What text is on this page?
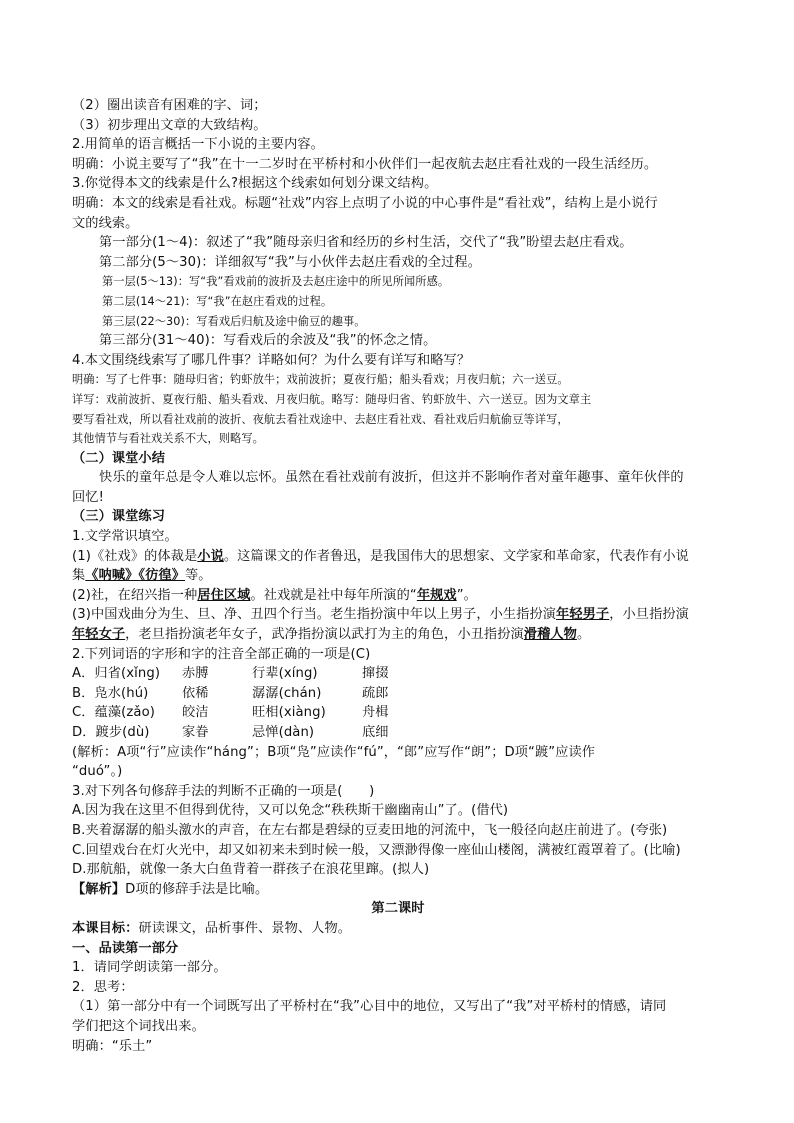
（2）圈出读音有困难的字、词；
（3）初步理出文章的大致结构。
2.用简单的语言概括一下小说的主要内容。
明确：小说主要写了“我”在十一二岁时在平桥村和小伙伴们一起夜航去赵庄看社戏的一段生活经历。
3.你觉得本文的线索是什么?根据这个线索如何划分课文结构。
明确：本文的线索是看社戏。标题“社戏”内容上点明了小说的中心事件是“看社戏”，结构上是小说行
文的线索。
第一部分(1～4)：叙述了“我”随母亲归省和经历的乡村生活，交代了“我”盼望去赵庄看戏。
第二部分(5～30)：详细叙写“我”与小伙伴去赵庄看戏的全过程。
第一层(5～13)：写“我”看戏前的波折及去赵庄途中的所见所闻所感。
第二层(14～21)：写“我”在赵庄看戏的过程。
第三层(22～30)：写看戏后归航及途中偷豆的趣事。
第三部分(31～40)：写看戏后的余波及“我”的怀念之情。
4.本文围绕线索写了哪几件事？详略如何？为什么要有详写和略写？
明确：写了七件事：随母归省；钓虾放牛；戏前波折；夏夜行船；船头看戏；月夜归航；六一送豆。
详写：戏前波折、夏夜行船、船头看戏、月夜归航。略写：随母归省、钓虾放牛、六一送豆。因为文章主
要写看社戏，所以看社戏前的波折、夜航去看社戏途中、去赵庄看社戏、看社戏后归航偷豆等详写，
其他情节与看社戏关系不大，则略写。
（二）课堂小结
快乐的童年总是令人难以忘怀。虽然在看社戏前有波折，但这并不影响作者对童年趣事、童年伙伴的
回忆!
（三）课堂练习
1.文学常识填空。
(1)《社戏》的体裁是小说。这篇课文的作者鲁迅，是我国伟大的思想家、文学家和革命家，代表作有小说
集《呐喊》《彷徨》等。
(2)社，在绍兴指一种居住区域。社戏就是社中每年所演的“年规戏”。
(3)中国戏曲分为生、旦、净、丑四个行当。老生指扮演中年以上男子，小生指扮演年轻男子，小旦指扮演
年轻女子，老旦指扮演老年女子，武净指扮演以武打为主的角色，小丑指扮演滑稽人物。
2.下列词语的字形和字的注音全部正确的一项是(C)
A．归省(xǐng) 赤膊	行辈(xíng)	撺掇
B．凫水(hú)	依稀	潺潺(chán)	疏郎
C．蕴藻(zǎo) 皎洁	旺相(xiàng)	舟楫
D．踱步(dù) 家眷	忌惮(dàn)	底细
(解析：A项“行”应读作“háng”；B项“凫”应读作“fú”，“郎”应写作“朗”；D项“踱”应读作
“duó”。)
3.对下列各句修辞手法的判断不正确的一项是(　　)
A.因为我在这里不但得到优待，又可以免念“秩秩斯干幽幽南山”了。(借代)
B.夹着潺潺的船头激水的声音，在左右都是碧绿的豆麦田地的河流中，飞一般径向赵庄前进了。(夸张)
C.回望戏台在灯火光中，却又如初来未到时候一般，又漂渺得像一座仙山楼阁，满被红霞罩着了。(比喻)
D.那航船，就像一条大白鱼背着一群孩子在浪花里蹿。(拟人)
【解析】D项的修辞手法是比喻。
第二课时
本课目标：研读课文，品析事件、景物、人物。
一、品读第一部分
1．请同学朗读第一部分。
2．思考：
（1）第一部分中有一个词既写出了平桥村在“我”心目中的地位，又写出了“我”对平桥村的情感，请同
学们把这个词找出来。
明确：“乐土”
